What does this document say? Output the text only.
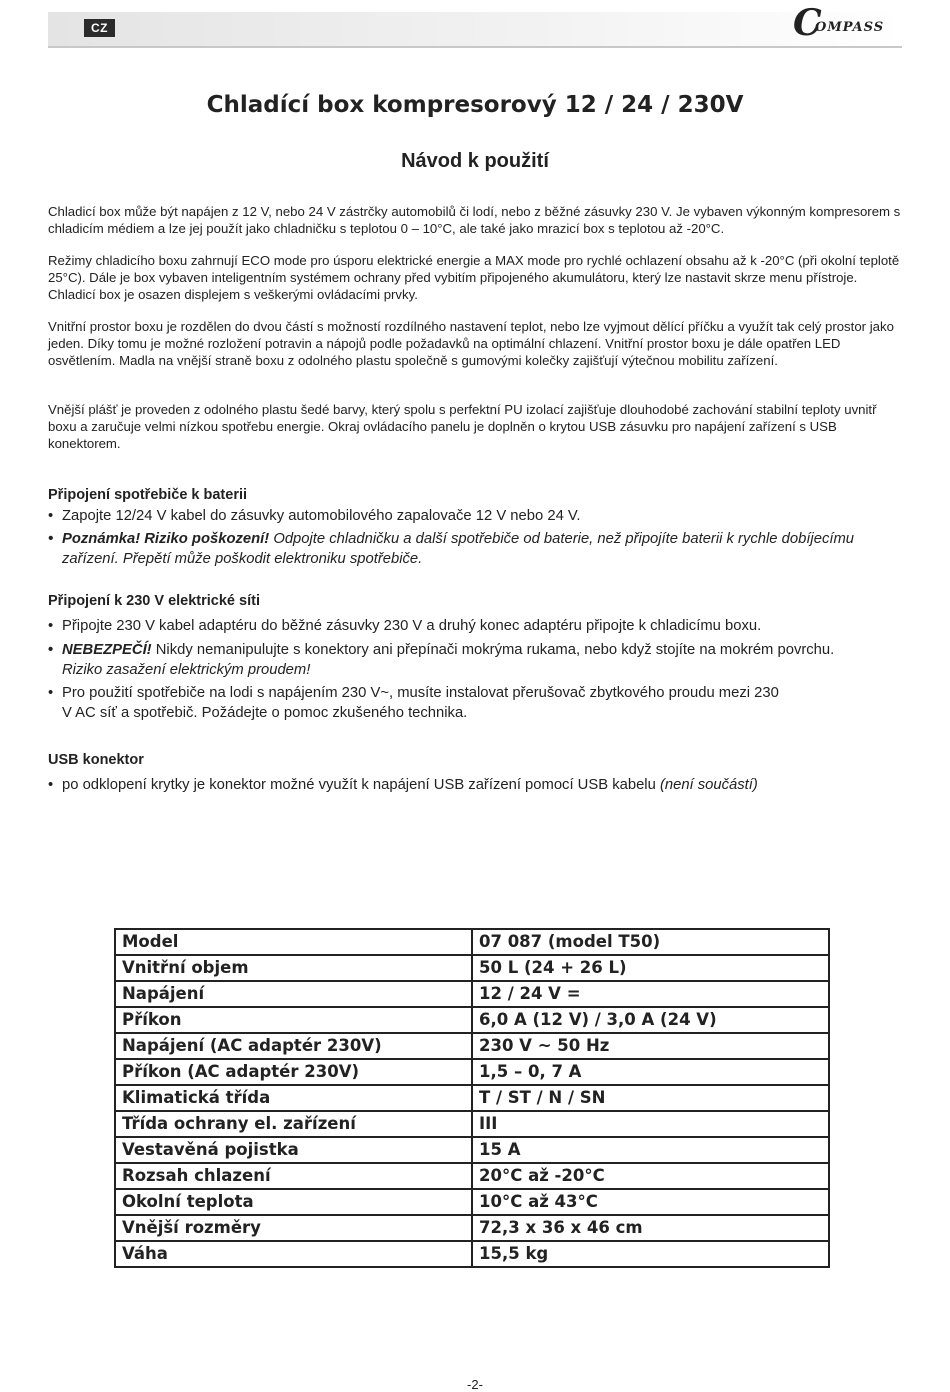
CZ	C
OMPASS
Chladící box kompresorový 12 / 24 / 230V
Návod k použití

Chladicí box může být napájen z 12 V, nebo 24 V zástrčky automobilů či lodí, nebo z běžné zásuvky 230 V. Je vybaven výkonným kompresorem s chladicím médiem a lze jej použít jako chladničku s teplotou 0 – 10°C, ale také jako mrazicí box s teplotou až -20°C.

Režimy chladicího boxu zahrnují ECO mode pro úsporu elektrické energie a MAX mode pro rychlé ochlazení obsahu až k -20°C (při okolní teplotě 25°C). Dále je box vybaven inteligentním systémem ochrany před vybitím připojeného akumulátoru, který lze nastavit skrze menu přístroje. Chladicí box je osazen displejem s veškerými ovládacími prvky.

Vnitřní prostor boxu je rozdělen do dvou částí s možností rozdílného nastavení teplot, nebo lze vyjmout dělící příčku a využít tak celý prostor jako jeden. Díky tomu je možné rozložení potravin a nápojů podle požadavků na optimální chlazení. Vnitřní prostor boxu je dále opatřen LED osvětlením. Madla na vnější straně boxu z odolného plastu společně s gumovými kolečky zajišťují výtečnou mobilitu zařízení.

Vnější plášť je proveden z odolného plastu šedé barvy, který spolu s perfektní PU izolací zajišťuje dlouhodobé zachování stabilní teploty uvnitř boxu a zaručuje velmi nízkou spotřebu energie. Okraj ovládacího panelu je doplněn o krytou USB zásuvku pro napájení zařízení s USB konektorem.

Připojení spotřebiče k baterii
• Zapojte 12/24 V kabel do zásuvky automobilového zapalovače 12 V nebo 24 V.
• Poznámka! Riziko poškození! Odpojte chladničku a další spotřebiče od baterie, než připojíte baterii k rychle dobíjecímu zařízení. Přepětí může poškodit elektroniku spotřebiče.
Připojení k 230 V elektrické síti
• Připojte 230 V kabel adaptéru do běžné zásuvky 230 V a druhý konec adaptéru připojte k chladicímu boxu.
• NEBEZPEČÍ! Nikdy nemanipulujte s konektory ani přepínači mokrýma rukama, nebo když stojíte na mokrém povrchu.
Riziko zasažení elektrickým proudem!
• Pro použití spotřebiče na lodi s napájením 230 V~, musíte instalovat přerušovač zbytkového proudu mezi 230 V AC síť a spotřebič. Požádejte o pomoc zkušeného technika.
USB konektor
• po odklopení krytky je konektor možné využít k napájení USB zařízení pomocí USB kabelu (není součástí)
Model	07 087 (model T50)
Vnitřní objem	50 L (24 + 26 L)
Napájení	12 / 24 V =
Příkon	6,0 A (12 V) / 3,0 A (24 V)
Napájení (AC adaptér 230V)	230 V ~ 50 Hz
Příkon (AC adaptér 230V)	1,5 – 0, 7 A
Klimatická třída	T / ST / N / SN
Třída ochrany el. zařízení	III
Vestavěná pojistka	15 A
Rozsah chlazení	20°C až -20°C
Okolní teplota	10°C až 43°C
Vnější rozměry	72,3 x 36 x 46 cm
Váha	15,5 kg
-2-
